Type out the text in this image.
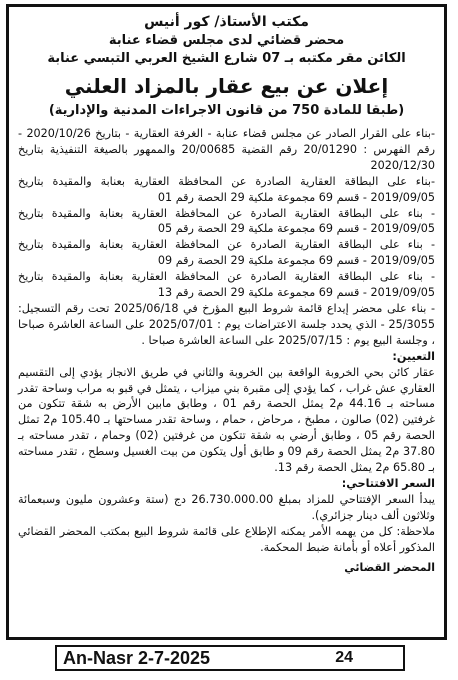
مكتب الأستاذ/ كور أنيس
محضر قضائي لدى مجلس قضاء عنابة
الكائن مقر مكتبه بـ 07 شارع الشيخ العربي التبسي عنابة
إعلان عن بيع عقار بالمزاد العلني
(طبقا للمادة 750 من قانون الاجراءات المدنية والإدارية)

-بناء على القرار الصادر عن مجلس قضاء عنابة - الغرفة العقارية - بتاريخ 2020/10/26 - رقم الفهرس : 20/01290 رقم القضية 20/00685 والممهور بالصيغة التنفيذية بتاريخ 2020/12/30

-بناء على البطاقة العقارية الصادرة عن المحافظة العقارية بعنابة والمقيدة بتاريخ 2019/09/05 - قسم 69 مجموعة ملكية 29 الحصة رقم 01

- بناء على البطاقة العقارية الصادرة عن المحافظة العقارية بعنابة والمقيدة بتاريخ 2019/09/05 - قسم 69 مجموعة ملكية 29 الحصة رقم 05

- بناء على البطاقة العقارية الصادرة عن المحافظة العقارية بعنابة والمقيدة بتاريخ 2019/09/05 - قسم 69 مجموعة ملكية 29 الحصة رقم 09

- بناء على البطاقة العقارية الصادرة عن المحافظة العقارية بعنابة والمقيدة بتاريخ 2019/09/05 - قسم 69 مجموعة ملكية 29 الحصة رقم 13

- بناء على محضر إيداع قائمة شروط البيع المؤرخ في 2025/06/18 تحت رقم التسجيل: 25/3055 - الذي يحدد جلسة الاعتراضات يوم : 2025/07/01 على الساعة العاشرة صباحا ، وجلسة البيع يوم : 2025/07/15 على الساعة العاشرة صباحا .

التعيين:

عقار كائن بحي الخروبة الواقعة بين الخروبة والثاني في طريق الانجاز يؤدي إلى التقسيم العقاري عش غراب ، كما يؤدي إلى مقبرة بني ميزاب ، يتمثل في قبو به مراب وساحة تقدر مساحته بـ 44.16 م2 يمثل الحصة رقم 01 ، وطابق مابين الأرض به شقة تتكون من غرفتين (02) صالون ، مطبخ ، مرحاض ، حمام ، وساحة تقدر مساحتها بـ 105.40 م2 تمثل الحصة رقم 05 ، وطابق أرضي به شقة تتكون من غرفتين (02) وحمام ، تقدر مساحته بـ 37.80 م2 يمثل الحصة رقم 09 و طابق أول يتكون من بيت الغسيل وسطح ، تقدر مساحته بـ 65.80 م2 يمثل الحصة رقم 13.

السعر الافتتاحي:

يبدأ السعر الإفتتاحي للمزاد بمبلغ 26.730.000.00 دج (ستة وعشرون مليون وسبعمائة وثلاثون ألف دينار جزائري).

ملاحظة: كل من يهمه الأمر يمكنه الإطلاع على قائمة شروط البيع بمكتب المحضر القضائي المذكور أعلاه أو بأمانة ضبط المحكمة.

المحضر القضائي
An-Nasr 2-7-2025	24
